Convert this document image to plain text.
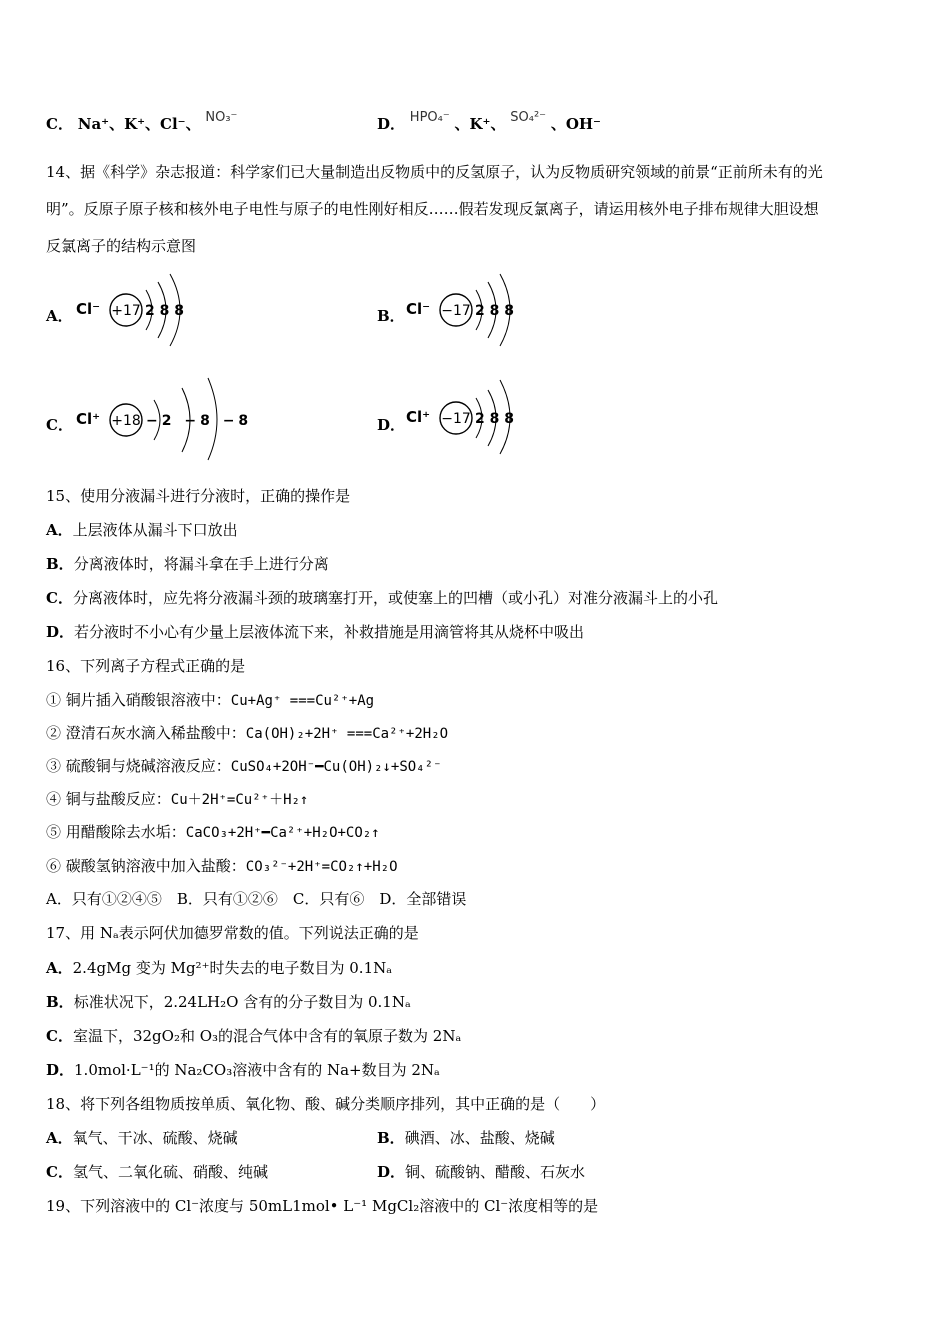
C． Na⁺、K⁺、Cl⁻、 NO₃⁻	D． HPO₄⁻ 、K⁺、 SO₄²⁻ 、OH⁻
14、据《科学》杂志报道：科学家们已大量制造出反物质中的反氢原子，认为反物质研究领域的前景“正前所未有的光
明”。反原子原子核和核外电子电性与原子的电性刚好相反……假若发现反氯离子，请运用核外电子排布规律大胆设想
反氯离子的结构示意图
A． Cl⁻ +17 2 8 8	B． Cl⁻ −17 2 8 8
C． Cl⁺ +18 −2 −8 −8	D． Cl⁺ −17 2 8 8
15、使用分液漏斗进行分液时，正确的操作是
A．上层液体从漏斗下口放出
B．分离液体时，将漏斗拿在手上进行分离
C．分离液体时，应先将分液漏斗颈的玻璃塞打开，或使塞上的凹槽（或小孔）对准分液漏斗上的小孔
D．若分液时不小心有少量上层液体流下来，补救措施是用滴管将其从烧杯中吸出
16、下列离子方程式正确的是
① 铜片插入硝酸银溶液中：Cu+Ag⁺ ===Cu²⁺+Ag
② 澄清石灰水滴入稀盐酸中：Ca(OH)₂+2H⁺ ===Ca²⁺+2H₂O
③ 硫酸铜与烧碱溶液反应：CuSO₄+2OH⁻━Cu(OH)₂↓+SO₄²⁻
④ 铜与盐酸反应：Cu＋2H⁺=Cu²⁺＋H₂↑
⑤ 用醋酸除去水垢：CaCO₃+2H⁺━Ca²⁺+H₂O+CO₂↑
⑥ 碳酸氢钠溶液中加入盐酸：CO₃²⁻+2H⁺=CO₂↑+H₂O
A．只有①②④⑤　B．只有①②⑥　C．只有⑥　D．全部错误
17、用 Nₐ表示阿伏加德罗常数的值。下列说法正确的是
A．2.4gMg 变为 Mg²⁺时失去的电子数目为 0.1Nₐ
B．标准状况下，2.24LH₂O 含有的分子数目为 0.1Nₐ
C．室温下，32gO₂和 O₃的混合气体中含有的氧原子数为 2Nₐ
D．1.0mol·L⁻¹的 Na₂CO₃溶液中含有的 Na+数目为 2Nₐ
18、将下列各组物质按单质、氧化物、酸、碱分类顺序排列，其中正确的是（　　）
A．氧气、干冰、硫酸、烧碱	B．碘酒、冰、盐酸、烧碱
C．氢气、二氧化硫、硝酸、纯碱	D．铜、硫酸钠、醋酸、石灰水
19、下列溶液中的 Cl⁻浓度与 50mL1mol• L⁻¹ MgCl₂溶液中的 Cl⁻浓度相等的是
